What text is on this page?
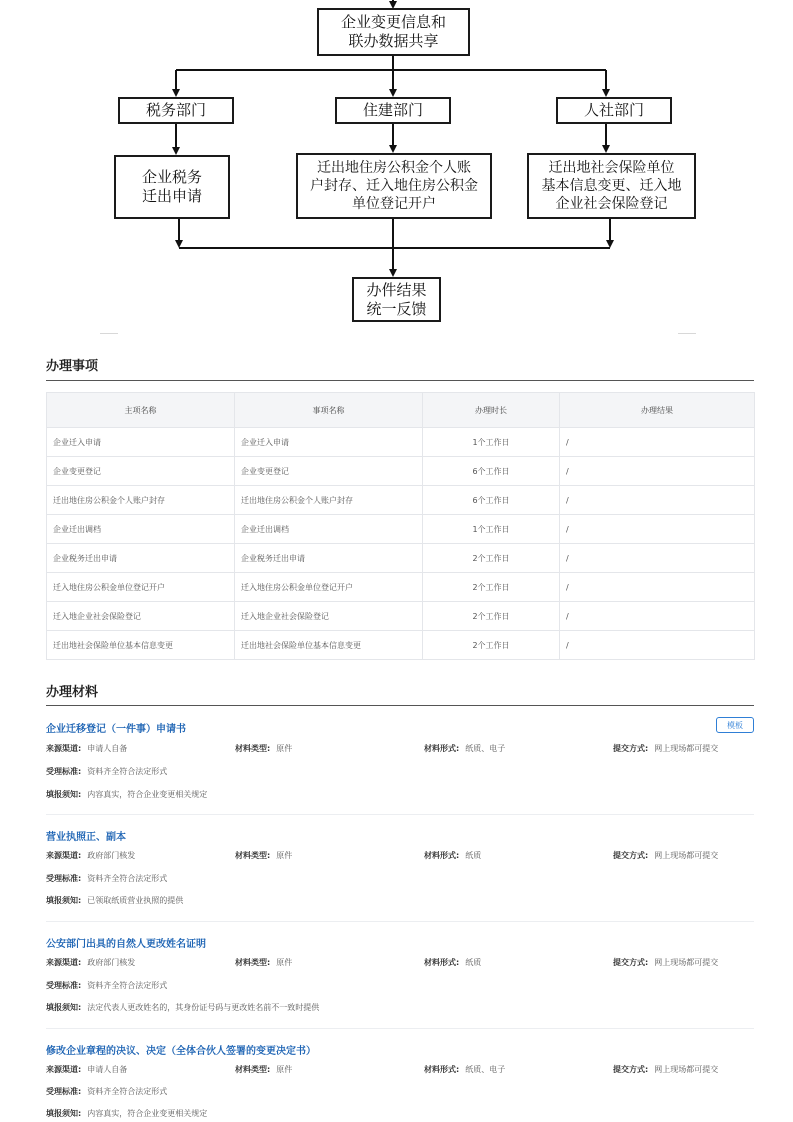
企业变更信息和
联办数据共享
税务部门	住建部门	人社部门
企业税务
迁出申请
迁出地住房公积金个人账
户封存、迁入地住房公积金
单位登记开户
迁出地社会保险单位
基本信息变更、迁入地
企业社会保险登记
办件结果
统一反馈
办理事项
主项名称	事项名称	办理时长	办理结果
企业迁入申请	企业迁入申请	1个工作日	/
企业变更登记	企业变更登记	6个工作日	/
迁出地住房公积金个人账户封存	迁出地住房公积金个人账户封存	6个工作日	/
企业迁出调档	企业迁出调档	1个工作日	/
企业税务迁出申请	企业税务迁出申请	2个工作日	/
迁入地住房公积金单位登记开户	迁入地住房公积金单位登记开户	2个工作日	/
迁入地企业社会保险登记	迁入地企业社会保险登记	2个工作日	/
迁出地社会保险单位基本信息变更	迁出地社会保险单位基本信息变更	2个工作日	/
办理材料
企业迁移登记（一件事）申请书	模板
来源渠道: 申请人自备	材料类型: 原件	材料形式: 纸质、电子	提交方式: 网上现场都可提交
受理标准: 资料齐全符合法定形式
填报须知: 内容真实，符合企业变更相关规定
营业执照正、副本
来源渠道: 政府部门核发	材料类型: 原件	材料形式: 纸质	提交方式: 网上现场都可提交
受理标准: 资料齐全符合法定形式
填报须知: 已领取纸质营业执照的提供
公安部门出具的自然人更改姓名证明
来源渠道: 政府部门核发	材料类型: 原件	材料形式: 纸质	提交方式: 网上现场都可提交
受理标准: 资料齐全符合法定形式
填报须知: 法定代表人更改姓名的，其身份证号码与更改姓名前不一致时提供
修改企业章程的决议、决定（全体合伙人签署的变更决定书）
来源渠道: 申请人自备	材料类型: 原件	材料形式: 纸质、电子	提交方式: 网上现场都可提交
受理标准: 资料齐全符合法定形式
填报须知: 内容真实，符合企业变更相关规定
